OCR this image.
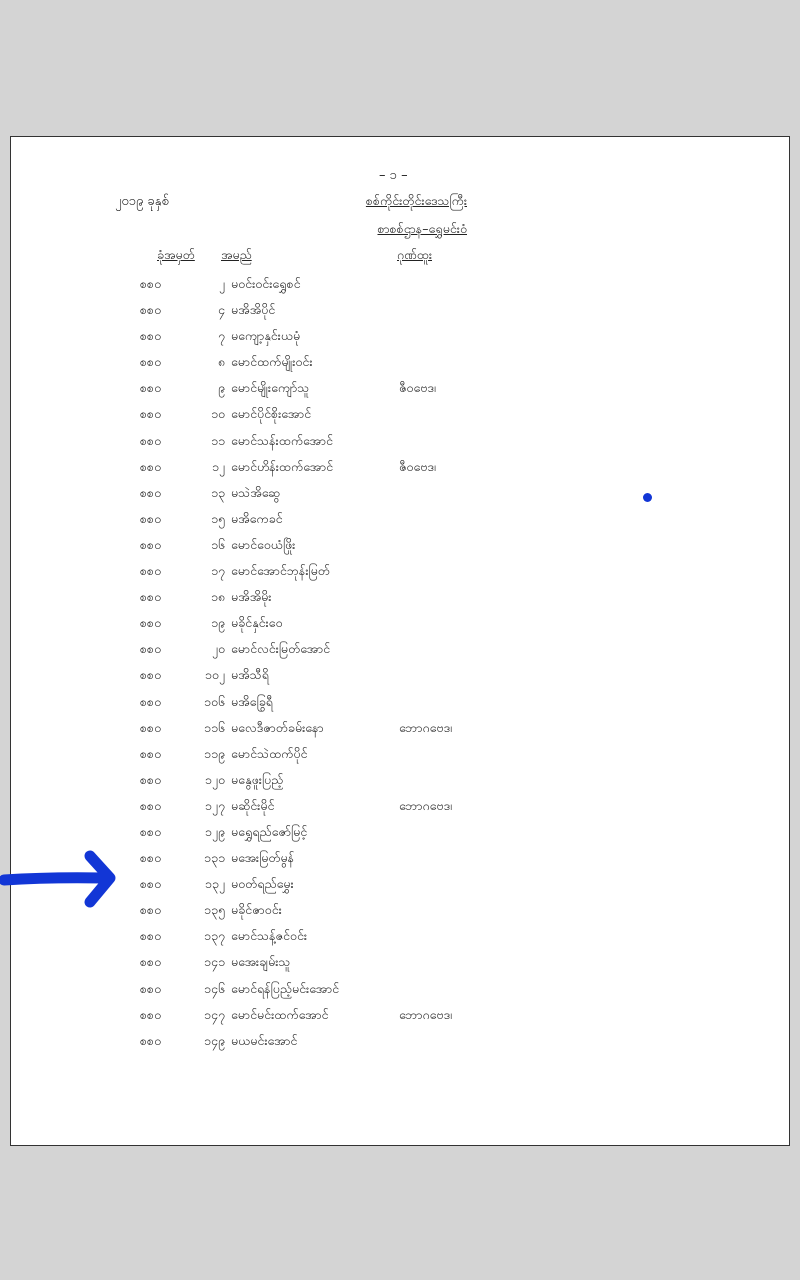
– ၁ –
၂၀၁၉ ခုနှစ်	စစ်ကိုင်းတိုင်းဒေသကြီး
စာစစ်ဌာန–ရွှေမင်းဝံ
ခုံအမှတ် အမည်	ဂုဏ်ထူး
စစဝ	၂ မဝင်းဝင်းရွှေစင်
စစဝ	၄ မအိအိပိုင်
စစဝ	၇ မကျော့နှင်းယမုံ
စစဝ	၈ မောင်ထက်မျိုးဝင်း
စစဝ	၉ မောင်မျိုးကျော်သူ	ဇီဝဗေဒ၊
စစဝ	၁၀ မောင်ပိုင်စိုးအောင်
စစဝ	၁၁ မောင်သန်းထက်အောင်
စစဝ	၁၂ မောင်ဟိန်းထက်အောင်	ဇီဝဗေဒ၊
စစဝ	၁၃ မသဲအိဆွေ
စစဝ	၁၅ မအိကေခင်
စစဝ	၁၆ မောင်ဝေယံဖြိုး
စစဝ	၁၇ မောင်အောင်ဘုန်းမြတ်
စစဝ	၁၈ မအိအိမိုး
စစဝ	၁၉ မခိုင်နှင်းဝေ
စစဝ	၂၀ မောင်လင်းမြတ်အောင်
စစဝ	၁၀၂ မအိသီရိ
စစဝ	၁၀၆ မအိခြွေရီ
စစဝ	၁၁၆ မလေဒီဇာတ်ခမ်းနော	ဘောဂဗေဒ၊
စစဝ	၁၁၉ မောင်သဲထက်ပိုင်
စစဝ	၁၂၀ မနွေဖူးပြည့်
စစဝ	၁၂၇ မဆိုင်းမိုင်	ဘောဂဗေဒ၊
စစဝ	၁၂၉ မရွှေရည်ဇော်မြင့်
စစဝ	၁၃၁ မအေးမြတ်မွန်
စစဝ	၁၃၂ မဝတ်ရည်မွှေး
စစဝ	၁၃၅ မခိုင်ဇာဝင်း
စစဝ	၁၃၇ မောင်သန့်ဇင်ဝင်း
စစဝ	၁၄၁ မအေးချမ်းသူ
စစဝ	၁၄၆ မောင်ရန်ပြည့်မင်းအောင်
စစဝ	၁၄၇ မောင်မင်းထက်အောင်	ဘောဂဗေဒ၊
စစဝ	၁၄၉ မယမင်းအောင်
